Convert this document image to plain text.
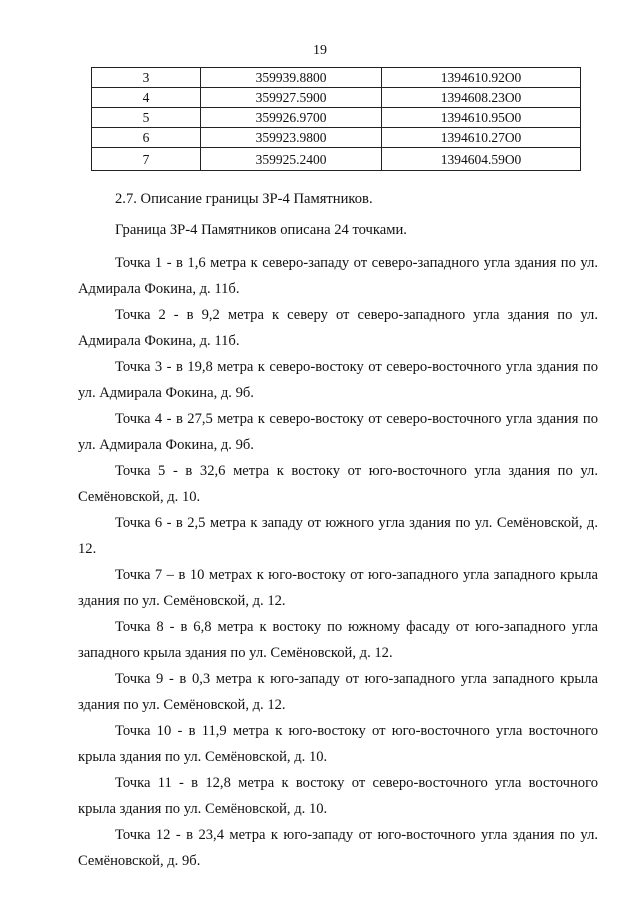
19
3	359939.8800	1394610.92O0
4	359927.5900	1394608.23O0
5	359926.9700	1394610.95O0
6	359923.9800	1394610.27O0
7	359925.2400	1394604.59O0

2.7. Описание границы ЗР-4 Памятников.

Граница ЗР-4 Памятников описана 24 точками.

Точка 1 - в 1,6 метра к северо-западу от северо-западного угла здания по ул. Адмирала Фокина, д. 11б.

Точка 2 - в 9,2 метра к северу от северо-западного угла здания по ул. Адмирала Фокина, д. 11б.

Точка 3 - в 19,8 метра к северо-востоку от северо-восточного угла здания по ул. Адмирала Фокина, д. 9б.

Точка 4 - в 27,5 метра к северо-востоку от северо-восточного угла здания по ул. Адмирала Фокина, д. 9б.

Точка 5 - в 32,6 метра к востоку от юго-восточного угла здания по ул. Семёновской, д. 10.

Точка 6 - в 2,5 метра к западу от южного угла здания по ул. Семёновской, д. 12.

Точка 7 – в 10 метрах к юго-востоку от юго-западного угла западного крыла здания по ул. Семёновской, д. 12.

Точка 8 - в 6,8 метра к востоку по южному фасаду от юго-западного угла западного крыла здания по ул. Семёновской, д. 12.

Точка 9 - в 0,3 метра к юго-западу от юго-западного угла западного крыла здания по ул. Семёновской, д. 12.

Точка 10 - в 11,9 метра к юго-востоку от юго-восточного угла восточного крыла здания по ул. Семёновской, д. 10.

Точка 11 - в 12,8 метра к востоку от северо-восточного угла восточного крыла здания по ул. Семёновской, д. 10.

Точка 12 - в 23,4 метра к юго-западу от юго-восточного угла здания по ул. Семёновской, д. 9б.
